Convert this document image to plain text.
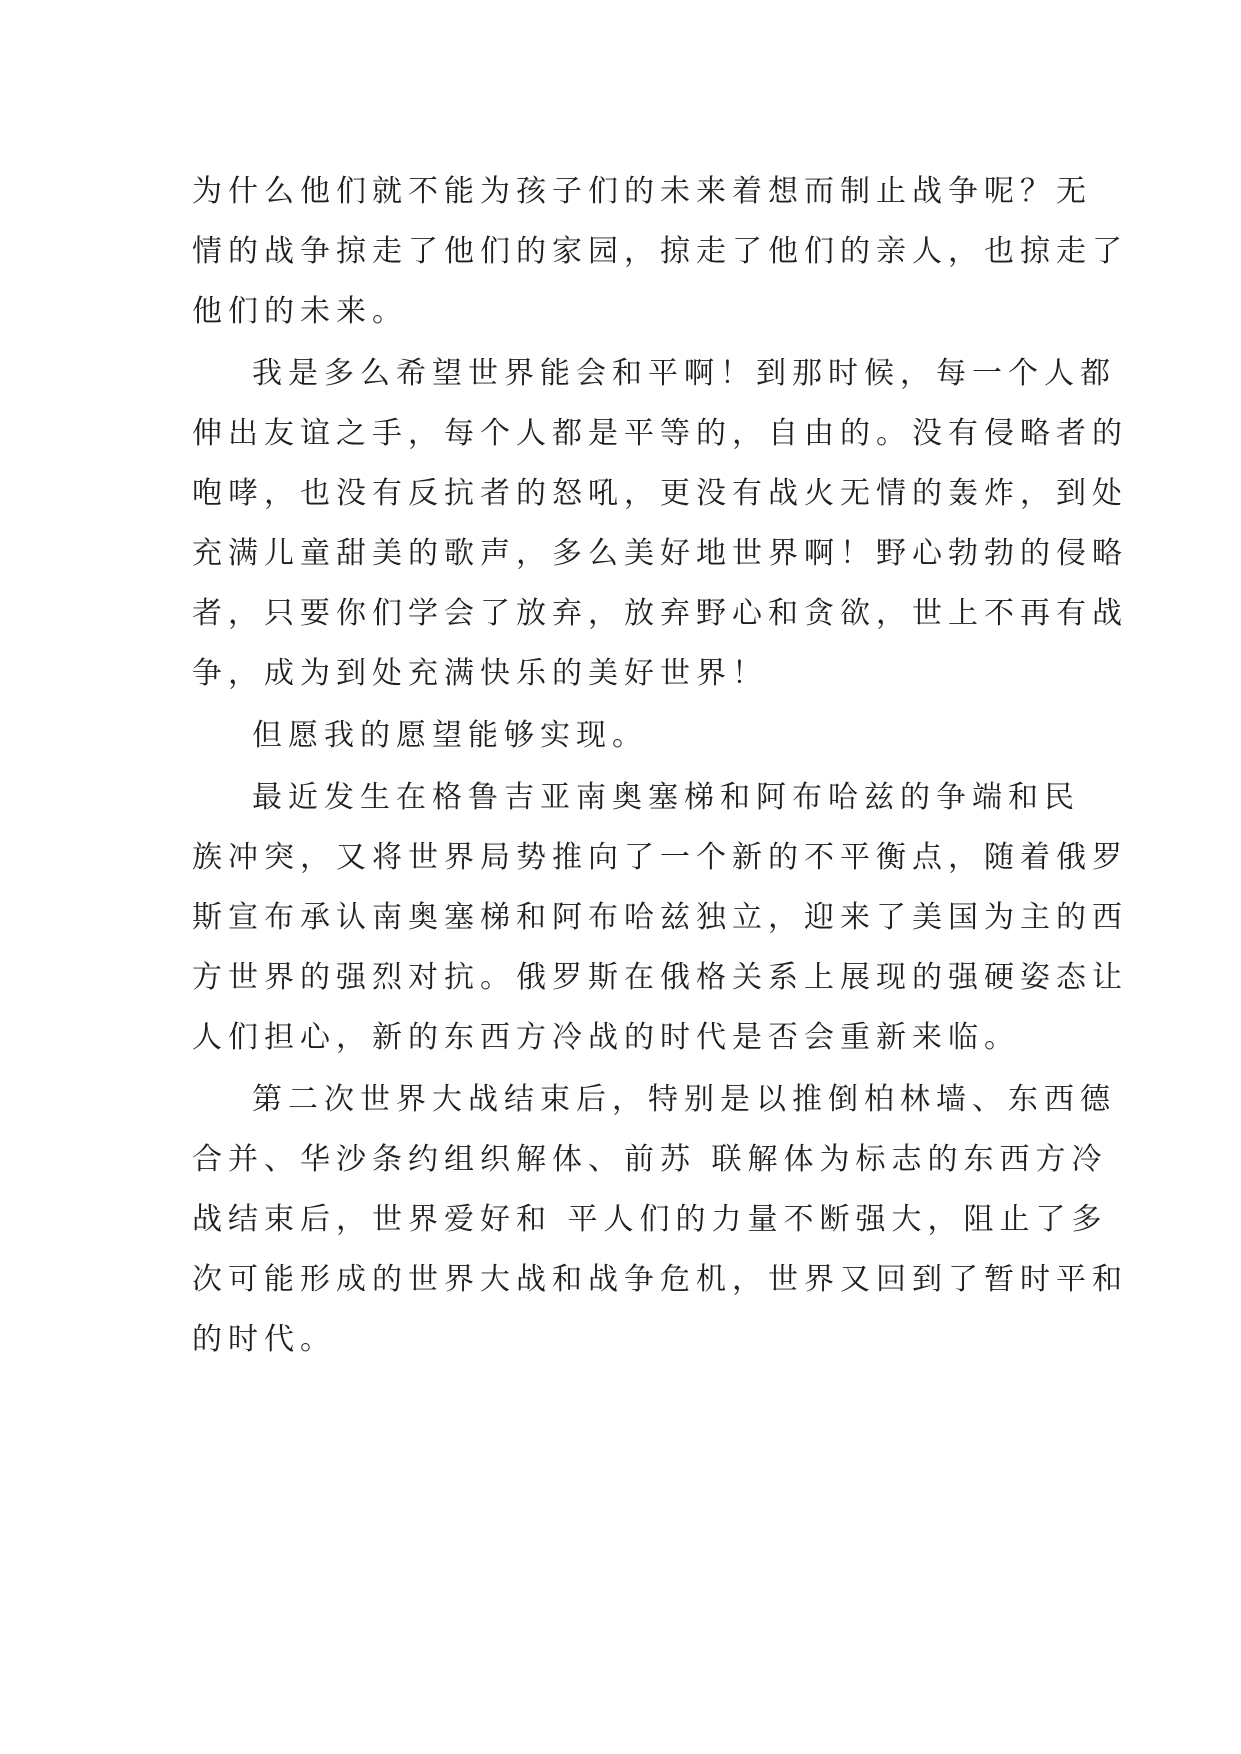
为什么他们就不能为孩子们的未来着想而制止战争呢？无
情的战争掠走了他们的家园，掠走了他们的亲人，也掠走了
他们的未来。

我是多么希望世界能会和平啊！到那时候，每一个人都
伸出友谊之手，每个人都是平等的，自由的。没有侵略者的
咆哮，也没有反抗者的怒吼，更没有战火无情的轰炸，到处
充满儿童甜美的歌声，多么美好地世界啊！野心勃勃的侵略
者，只要你们学会了放弃，放弃野心和贪欲，世上不再有战
争，成为到处充满快乐的美好世界！

但愿我的愿望能够实现。

最近发生在格鲁吉亚南奥塞梯和阿布哈兹的争端和民
族冲突，又将世界局势推向了一个新的不平衡点，随着俄罗
斯宣布承认南奥塞梯和阿布哈兹独立，迎来了美国为主的西
方世界的强烈对抗。俄罗斯在俄格关系上展现的强硬姿态让
人们担心，新的东西方冷战的时代是否会重新来临。

第二次世界大战结束后，特别是以推倒柏林墙、东西德
合并、华沙条约组织解体、前苏 联解体为标志的东西方冷
战结束后，世界爱好和 平人们的力量不断强大，阻止了多
次可能形成的世界大战和战争危机，世界又回到了暂时平和
的时代。
